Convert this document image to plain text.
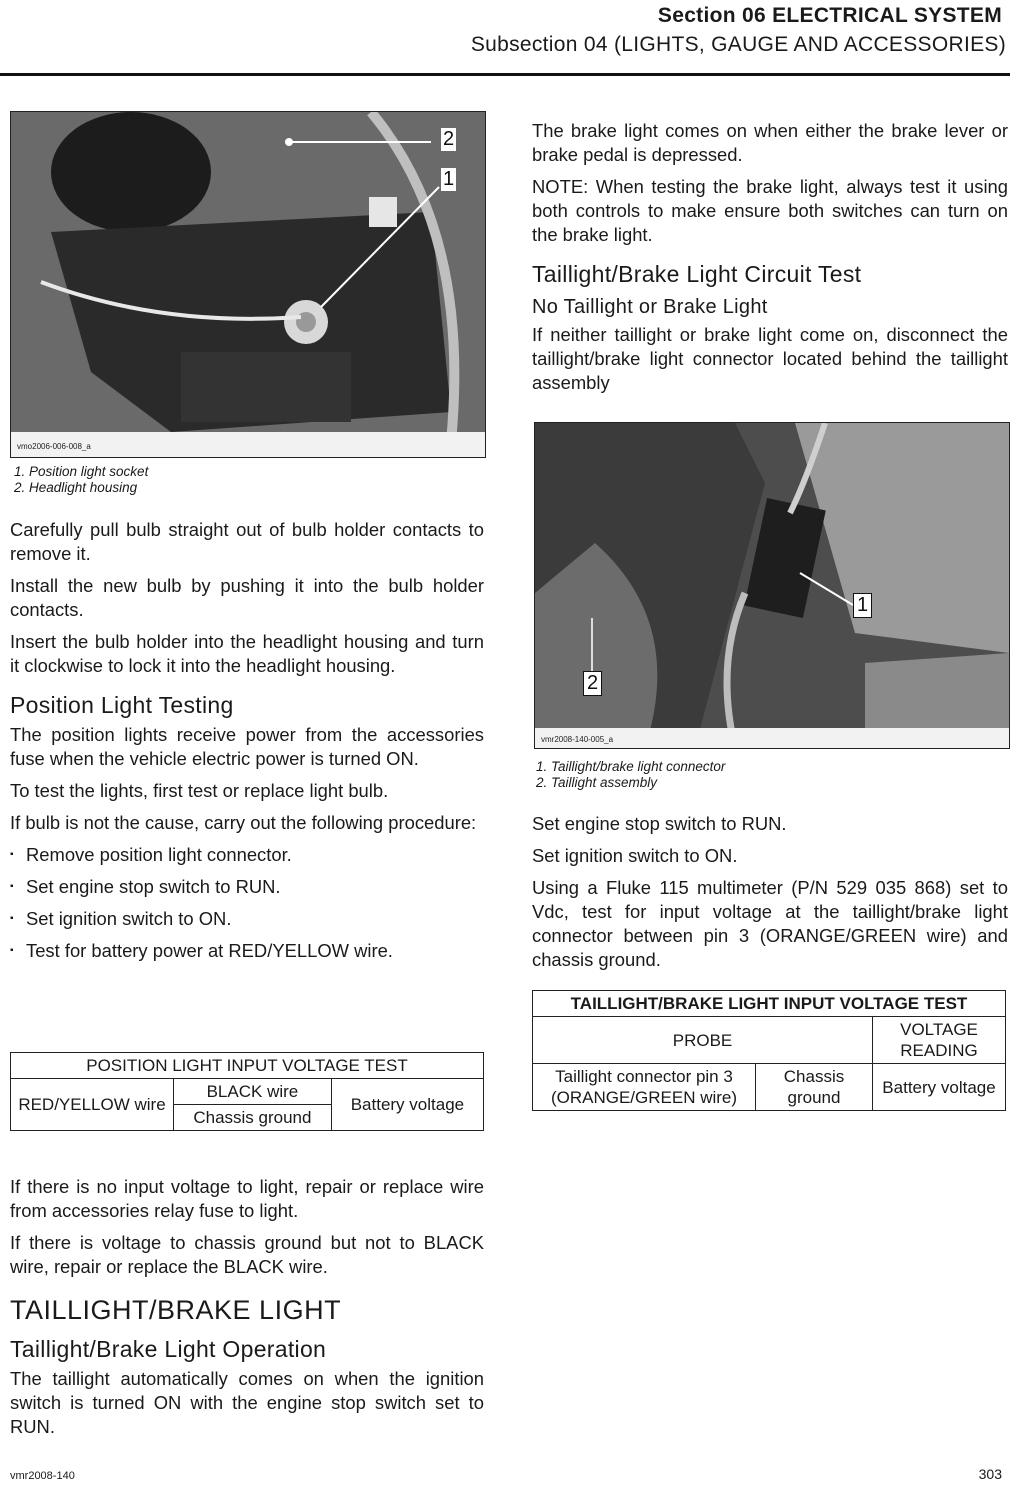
Section 06 ELECTRICAL SYSTEM
Subsection 04 (LIGHTS, GAUGE AND ACCESSORIES)
vmo2006-006-008_a
2
1
1. Position light socket
2. Headlight housing

Carefully pull bulb straight out of bulb holder contacts to remove it.

Install the new bulb by pushing it into the bulb holder contacts.

Insert the bulb holder into the headlight housing and turn it clockwise to lock it into the headlight housing.

Position Light Testing

The position lights receive power from the accessories fuse when the vehicle electric power is turned ON.

To test the lights, first test or replace light bulb.

If bulb is not the cause, carry out the following procedure:

▪ Remove position light connector.
▪ Set engine stop switch to RUN.
▪ Set ignition switch to ON.
▪ Test for battery power at RED/YELLOW wire.
POSITION LIGHT INPUT VOLTAGE TEST
RED/YELLOW wire	BLACK wire	Battery voltage
Chassis ground

If there is no input voltage to light, repair or replace wire from accessories relay fuse to light.

If there is voltage to chassis ground but not to BLACK wire, repair or replace the BLACK wire.

TAILLIGHT/BRAKE LIGHT
Taillight/Brake Light Operation

The taillight automatically comes on when the ignition switch is turned ON with the engine stop switch set to RUN.

The brake light comes on when either the brake lever or brake pedal is depressed.

NOTE: When testing the brake light, always test it using both controls to make ensure both switches can turn on the brake light.

Taillight/Brake Light Circuit Test
No Taillight or Brake Light

If neither taillight or brake light come on, disconnect the taillight/brake light connector located behind the taillight assembly

vmr2008-140-005_a
1
2
1. Taillight/brake light connector
2. Taillight assembly

Set engine stop switch to RUN.

Set ignition switch to ON.

Using a Fluke 115 multimeter (P/N 529 035 868) set to Vdc, test for input voltage at the taillight/brake light connector between pin 3 (ORANGE/GREEN wire) and chassis ground.

TAILLIGHT/BRAKE LIGHT INPUT VOLTAGE TEST		
PROBE		VOLTAGE READING
Taillight connector pin 3 (ORANGE/GREEN wire)	Chassis ground	Battery voltage
vmr2008-140	303
